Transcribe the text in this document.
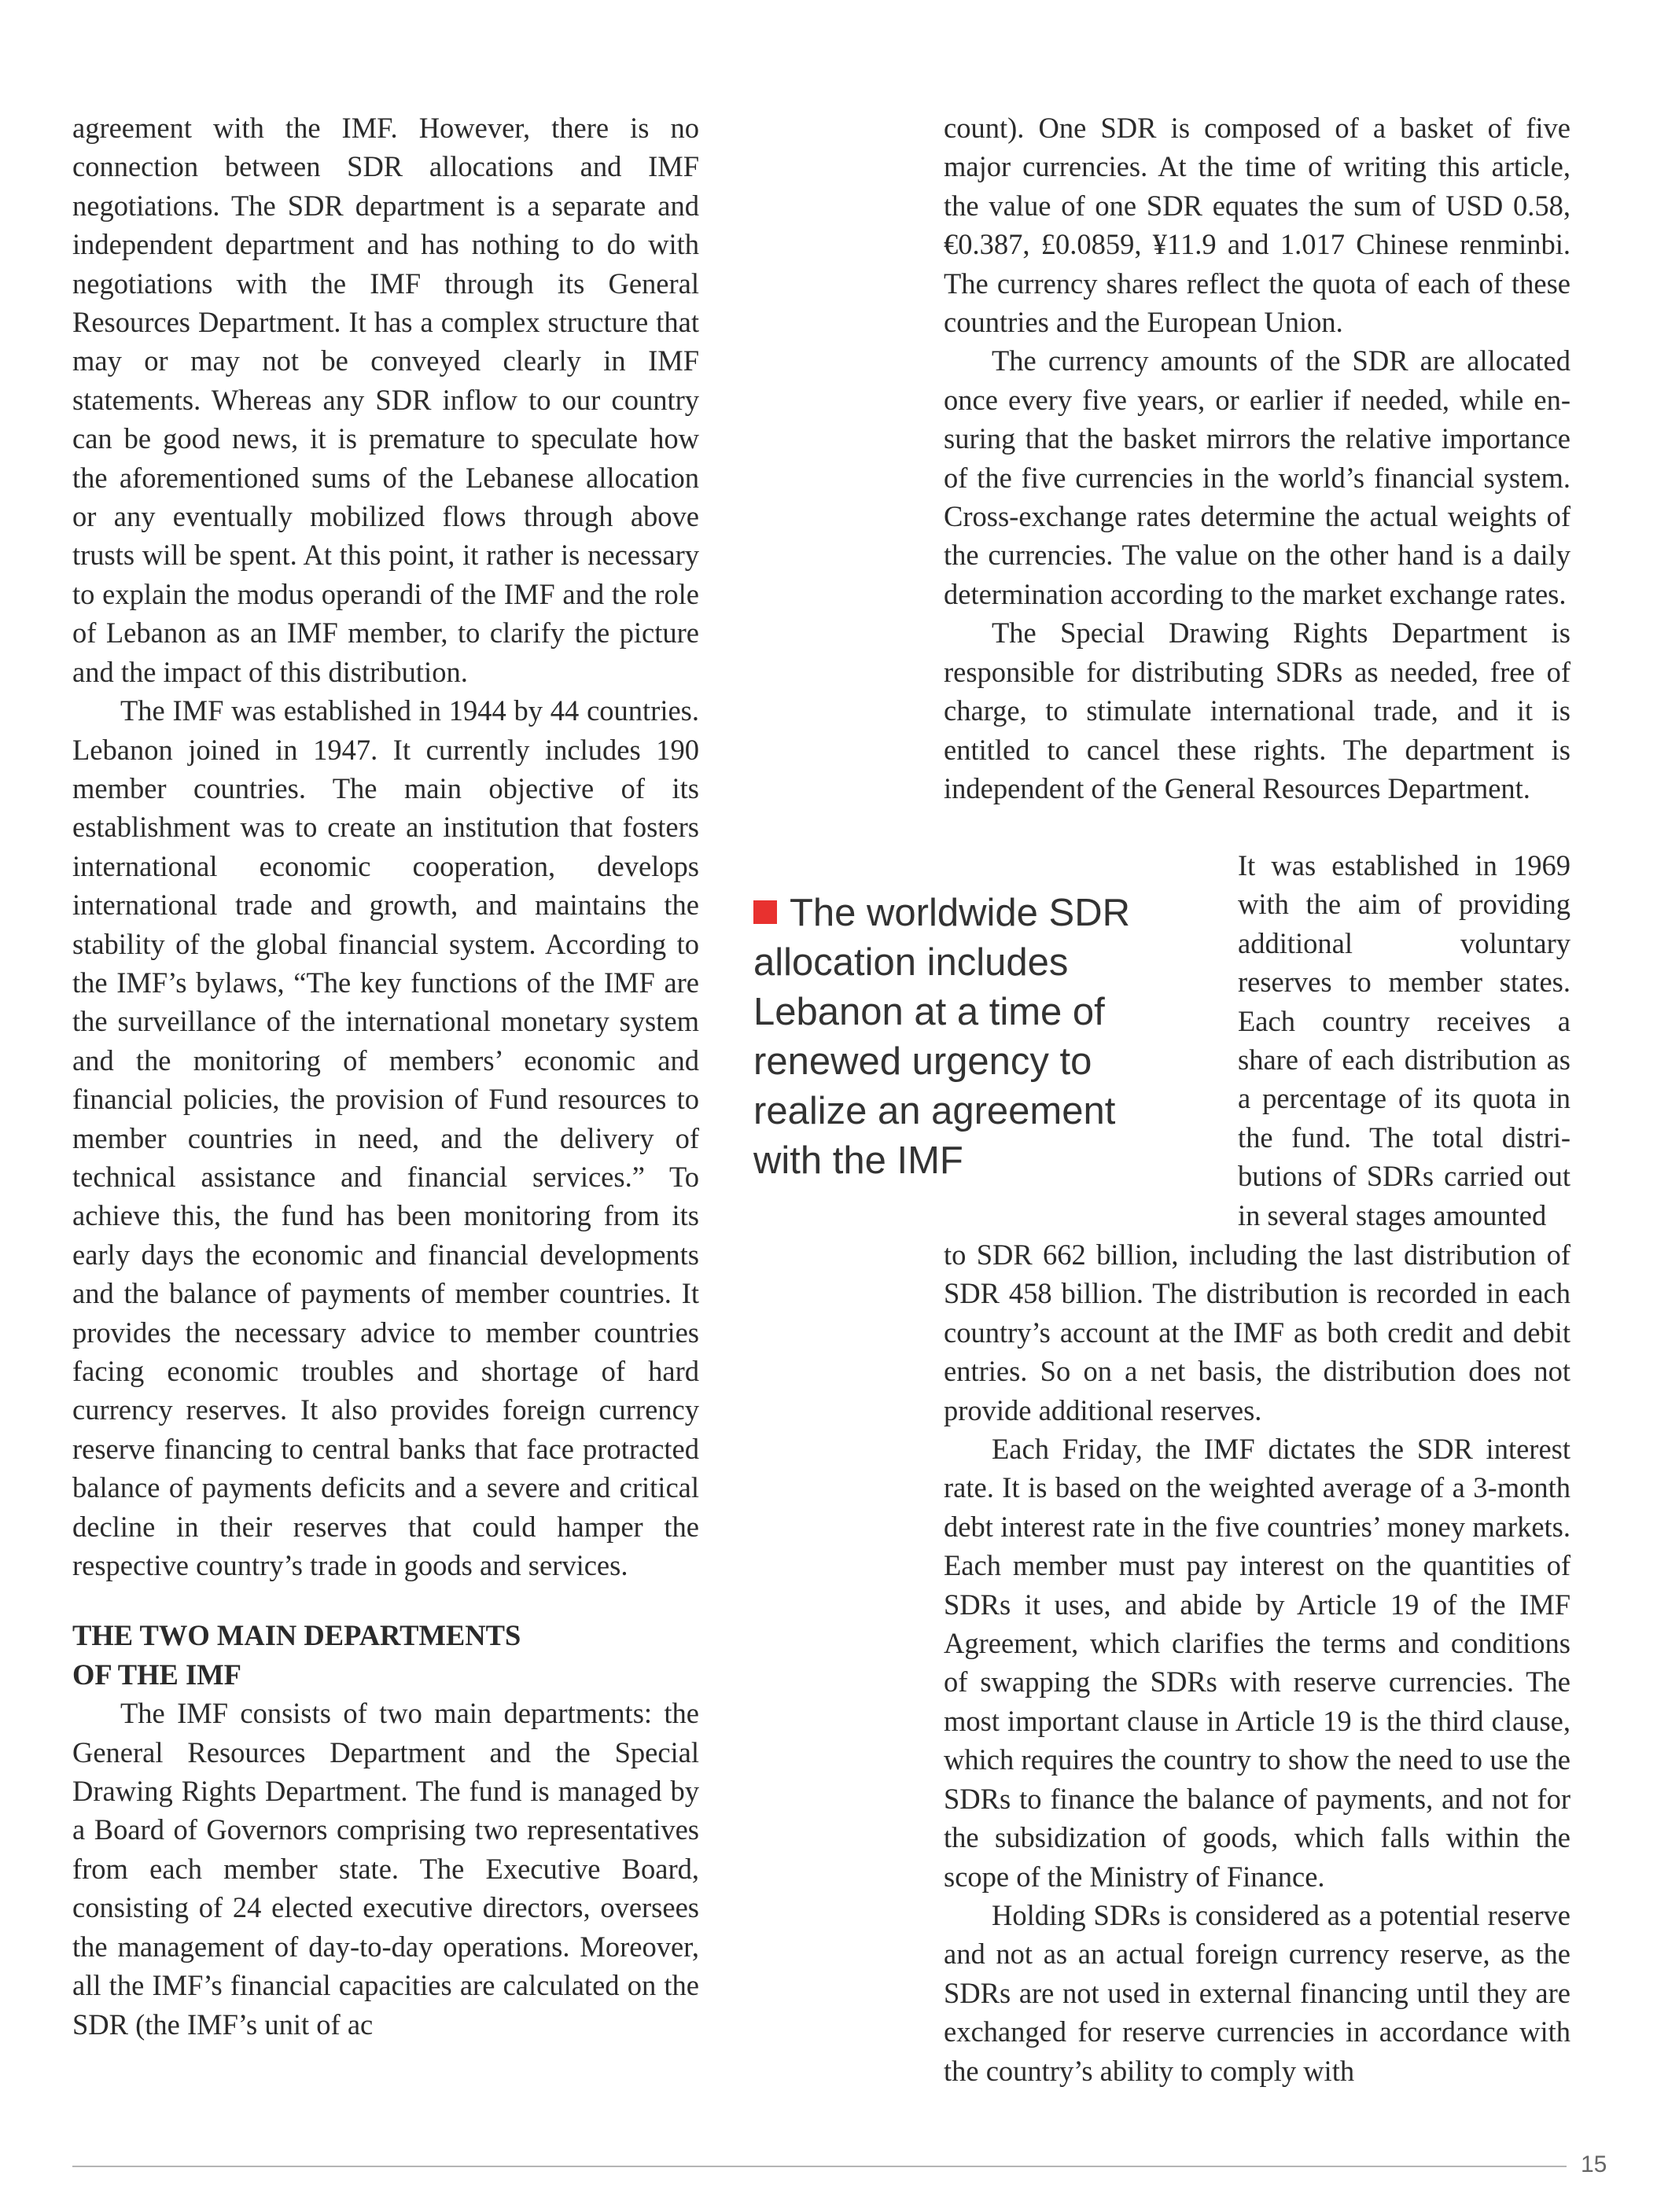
agreement with the IMF. However, there is no connection between SDR allocations and IMF negotiations. The SDR department is a separate and independent department and has nothing to do with negotiations with the IMF through its General Resources Department. It has a complex structure that may or may not be conveyed clearly in IMF statements. Whereas any SDR inflow to our country can be good news, it is premature to speculate how the aforementioned sums of the Lebanese allocation or any eventually mobilized flows through above trusts will be spent. At this point, it rather is necessary to explain the modus operandi of the IMF and the role of Lebanon as an IMF member, to clarify the picture and the impact of this distribution.

The IMF was established in 1944 by 44 countries. Lebanon joined in 1947. It currently includes 190 member countries. The main objective of its establishment was to create an institution that fosters international economic cooperation, develops international trade and growth, and maintains the stability of the global financial system. According to the IMF’s bylaws, “The key functions of the IMF are the surveillance of the international monetary system and the monitoring of members’ economic and financial policies, the provision of Fund resources to member countries in need, and the delivery of technical assistance and financial services.” To achieve this, the fund has been monitoring from its early days the economic and financial developments and the balance of payments of member countries. It provides the necessary advice to member countries facing economic troubles and shortage of hard currency reserves. It also provides foreign currency reserve financing to central banks that face protracted balance of payments deficits and a severe and critical decline in their reserves that could hamper the respective country’s trade in goods and services.

THE TWO MAIN DEPARTMENTS
OF THE IMF

The IMF consists of two main departments: the General Resources Department and the Special Drawing Rights Department. The fund is managed by a Board of Governors comprising two representatives from each member state. The Executive Board, consisting of 24 elected executive directors, oversees the management of day-to-day operations. Moreover, all the IMF’s financial capacities are calculated on the SDR (the IMF’s unit of ac

count). One SDR is composed of a basket of five major currencies. At the time of writing this article, the value of one SDR equates the sum of USD 0.58, €0.387, £0.0859, ¥11.9 and 1.017 Chinese renminbi. The currency shares reflect the quota of each of these countries and the European Union.

The currency amounts of the SDR are allocated once every five years, or earlier if needed, while ensuring that the basket mirrors the relative importance of the five currencies in the world’s financial system. Cross-exchange rates determine the actual weights of the currencies. The value on the other hand is a daily determination according to the market exchange rates.

The Special Drawing Rights Department is responsible for distributing SDRs as needed, free of charge, to stimulate international trade, and it is entitled to cancel these rights. The department is independent of the General Resources Department.

The worldwide SDR allocation includes Lebanon at a time of renewed urgency to realize an agreement with the IMF

It was established in 1969 with the aim of providing additional voluntary reserves to member states. Each country receives a share of each distribution as a percentage of its quota in the fund. The total distributions of SDRs carried out in several stages amounted

to SDR 662 billion, including the last distribution of SDR 458 billion. The distribution is recorded in each country’s account at the IMF as both credit and debit entries. So on a net basis, the distribution does not provide additional reserves.

Each Friday, the IMF dictates the SDR interest rate. It is based on the weighted average of a 3-month debt interest rate in the five countries’ money markets. Each member must pay interest on the quantities of SDRs it uses, and abide by Article 19 of the IMF Agreement, which clarifies the terms and conditions of swapping the SDRs with reserve currencies. The most important clause in Article 19 is the third clause, which requires the country to show the need to use the SDRs to finance the balance of payments, and not for the subsidization of goods, which falls within the scope of the Ministry of Finance.

Holding SDRs is considered as a potential reserve and not as an actual foreign currency reserve, as the SDRs are not used in external financing until they are exchanged for reserve currencies in accordance with the country’s ability to comply with

15
